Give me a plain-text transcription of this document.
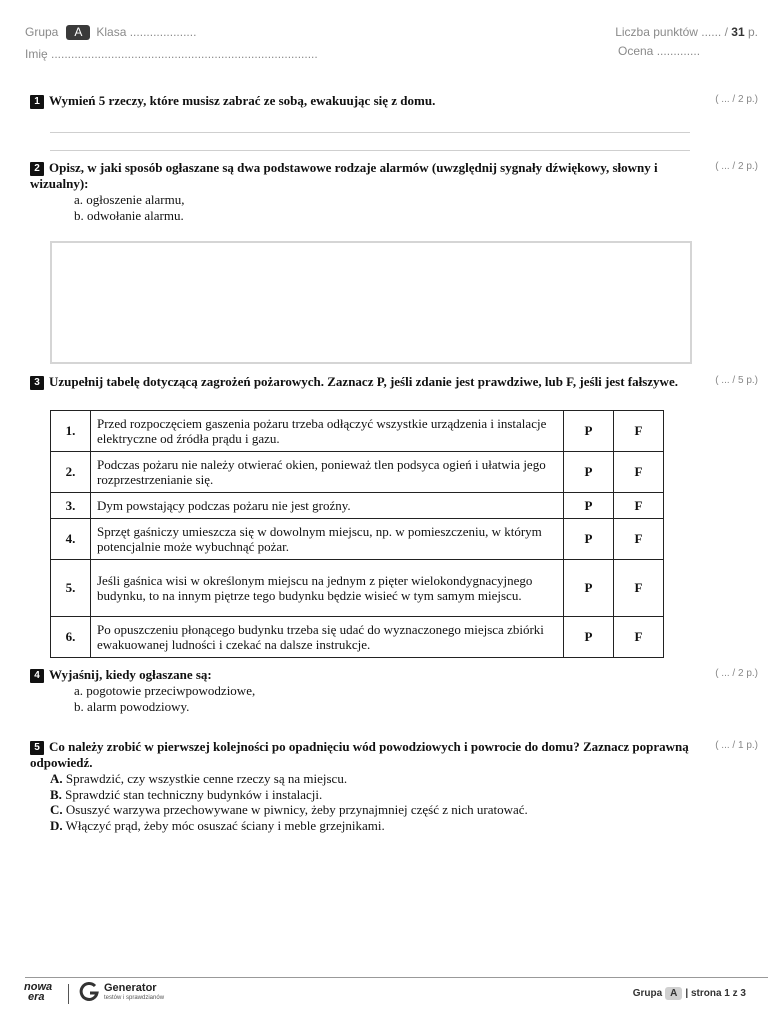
Grupa A Klasa ....................
Imię ................................................................................
Liczba punktów ...... / 31 p.
Ocena .............
1 Wymień 5 rzeczy, które musisz zabrać ze sobą, ewakuując się z domu.	( ... / 2 p.)
2 Opisz, w jaki sposób ogłaszane są dwa podstawowe rodzaje alarmów (uwzględnij sygnały dźwiękowy, słowny i wizualny):
a. ogłoszenie alarmu,
b. odwołanie alarmu.
( ... / 2 p.)
3 Uzupełnij tabelę dotyczącą zagrożeń pożarowych. Zaznacz P, jeśli zdanie jest prawdziwe, lub F, jeśli jest fałszywe.	( ... / 5 p.)
1.	Przed rozpoczęciem gaszenia pożaru trzeba odłączyć wszystkie urządzenia i instalacje elektryczne od źródła prądu i gazu.	P	F
2.	Podczas pożaru nie należy otwierać okien, ponieważ tlen podsyca ogień i ułatwia jego rozprzestrzenianie się.	P	F
3.	Dym powstający podczas pożaru nie jest groźny.	P	F
4.	Sprzęt gaśniczy umieszcza się w dowolnym miejscu, np. w pomieszczeniu, w którym potencjalnie może wybuchnąć pożar.	P	F
5.	Jeśli gaśnica wisi w określonym miejscu na jednym z pięter wielokondygnacyjnego budynku, to na innym piętrze tego budynku będzie wisieć w tym samym miejscu.	P	F
6.	Po opuszczeniu płonącego budynku trzeba się udać do wyznaczonego miejsca zbiórki ewakuowanej ludności i czekać na dalsze instrukcje.	P	F
4 Wyjaśnij, kiedy ogłaszane są:
a. pogotowie przeciwpowodziowe,
b. alarm powodziowy.
( ... / 2 p.)
5 Co należy zrobić w pierwszej kolejności po opadnięciu wód powodziowych i powrocie do domu? Zaznacz poprawną odpowiedź.
A. Sprawdzić, czy wszystkie cenne rzeczy są na miejscu.
B. Sprawdzić stan techniczny budynków i instalacji.
C. Osuszyć warzywa przechowywane w piwnicy, żeby przynajmniej część z nich uratować.
D. Włączyć prąd, żeby móc osuszać ściany i meble grzejnikami.
( ... / 1 p.)
nowa
era
Generator
testów i sprawdzianów	Grupa A | strona 1 z 3
